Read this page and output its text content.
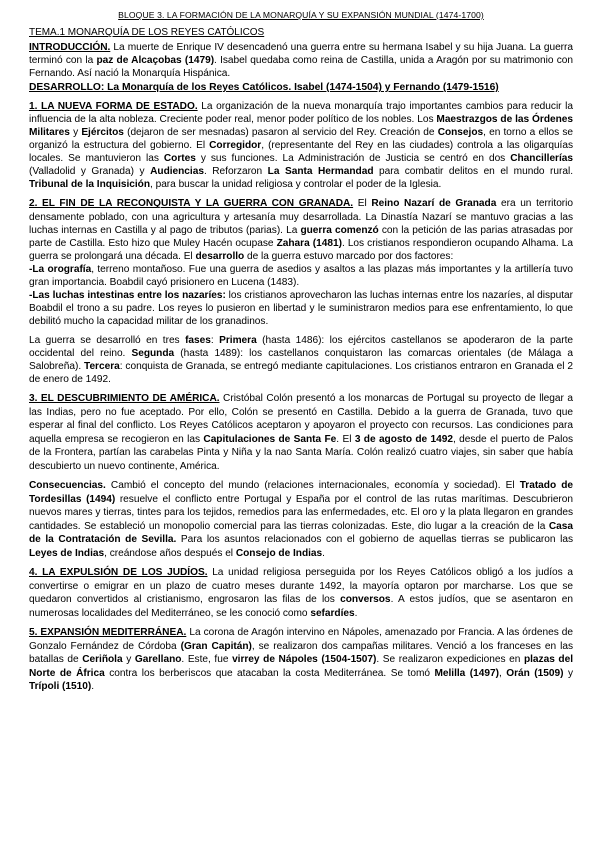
BLOQUE 3. LA FORMACIÓN DE LA MONARQUÍA Y SU EXPANSIÓN MUNDIAL (1474-1700)
TEMA.1 MONARQUÍA DE LOS REYES CATÓLICOS

INTRODUCCIÓN. La muerte de Enrique IV desencadenó una guerra entre su hermana Isabel y su hija Juana. La guerra terminó con la paz de Alcaçobas (1479). Isabel quedaba como reina de Castilla, unida a Aragón por su matrimonio con Fernando. Así nació la Monarquía Hispánica.

DESARROLLO: La Monarquía de los Reyes Católicos. Isabel (1474-1504) y Fernando (1479-1516)

1. LA NUEVA FORMA DE ESTADO. La organización de la nueva monarquía trajo importantes cambios para reducir la influencia de la alta nobleza. Creciente poder real, menor poder político de los nobles. Los Maestrazgos de las Órdenes Militares y Ejércitos (dejaron de ser mesnadas) pasaron al servicio del Rey. Creación de Consejos, en torno a ellos se organizó la estructura del gobierno. El Corregidor, (representante del Rey en las ciudades) controla a las oligarquías locales. Se mantuvieron las Cortes y sus funciones. La Administración de Justicia se centró en dos Chancillerías (Valladolid y Granada) y Audiencias. Reforzaron La Santa Hermandad para combatir delitos en el mundo rural. Tribunal de la Inquisición, para buscar la unidad religiosa y controlar el poder de la Iglesia.

2. EL FIN DE LA RECONQUISTA Y LA GUERRA CON GRANADA. El Reino Nazarí de Granada era un territorio densamente poblado, con una agricultura y artesanía muy desarrollada. La Dinastía Nazarí se mantuvo gracias a las luchas internas en Castilla y al pago de tributos (parias). La guerra comenzó con la petición de las parias atrasadas por parte de Castilla. Esto hizo que Muley Hacén ocupase Zahara (1481). Los cristianos respondieron ocupando Alhama. La guerra se prolongará una década. El desarrollo de la guerra estuvo marcado por dos factores:

-La orografía, terreno montañoso. Fue una guerra de asedios y asaltos a las plazas más importantes y la artillería tuvo gran importancia. Boabdil cayó prisionero en Lucena (1483).

-Las luchas intestinas entre los nazaríes: los cristianos aprovecharon las luchas internas entre los nazaríes, al disputar Boabdil el trono a su padre. Los reyes lo pusieron en libertad y le suministraron medios para ese enfrentamiento, lo que debilitó mucho la capacidad militar de los granadinos.

La guerra se desarrolló en tres fases: Primera (hasta 1486): los ejércitos castellanos se apoderaron de la parte occidental del reino. Segunda (hasta 1489): los castellanos conquistaron las comarcas orientales (de Málaga a Salobreña). Tercera: conquista de Granada, se entregó mediante capitulaciones. Los cristianos entraron en Granada el 2 de enero de 1492.

3. EL DESCUBRIMIENTO DE AMÉRICA. Cristóbal Colón presentó a los monarcas de Portugal su proyecto de llegar a las Indias, pero no fue aceptado. Por ello, Colón se presentó en Castilla. Debido a la guerra de Granada, tuvo que esperar al final del conflicto. Los Reyes Católicos aceptaron y apoyaron el proyecto con recursos. Las condiciones para aquella empresa se recogieron en las Capitulaciones de Santa Fe. El 3 de agosto de 1492, desde el puerto de Palos de la Frontera, partían las carabelas Pinta y Niña y la nao Santa María. Colón realizó cuatro viajes, sin saber que había descubierto un nuevo continente, América.

Consecuencias. Cambió el concepto del mundo (relaciones internacionales, economía y sociedad). El Tratado de Tordesillas (1494) resuelve el conflicto entre Portugal y España por el control de las rutas marítimas. Descubrieron nuevos mares y tierras, tintes para los tejidos, remedios para las enfermedades, etc. El oro y la plata llegaron en grandes cantidades. Se estableció un monopolio comercial para las tierras colonizadas. Este, dio lugar a la creación de la Casa de la Contratación de Sevilla. Para los asuntos relacionados con el gobierno de aquellas tierras se publicaron las Leyes de Indias, creándose años después el Consejo de Indias.

4. LA EXPULSIÓN DE LOS JUDÍOS. La unidad religiosa perseguida por los Reyes Católicos obligó a los judíos a convertirse o emigrar en un plazo de cuatro meses durante 1492, la mayoría optaron por marcharse. Los que se quedaron convertidos al cristianismo, engrosaron las filas de los conversos. A estos judíos, que se asentaron en numerosas localidades del Mediterráneo, se les conoció como sefardíes.

5. EXPANSIÓN MEDITERRÁNEA. La corona de Aragón intervino en Nápoles, amenazado por Francia. A las órdenes de Gonzalo Fernández de Córdoba (Gran Capitán), se realizaron dos campañas militares. Venció a los franceses en las batallas de Ceriñola y Garellano. Este, fue virrey de Nápoles (1504-1507). Se realizaron expediciones en plazas del Norte de África contra los berberiscos que atacaban la costa Mediterránea. Se tomó Melilla (1497), Orán (1509) y Trípoli (1510).
